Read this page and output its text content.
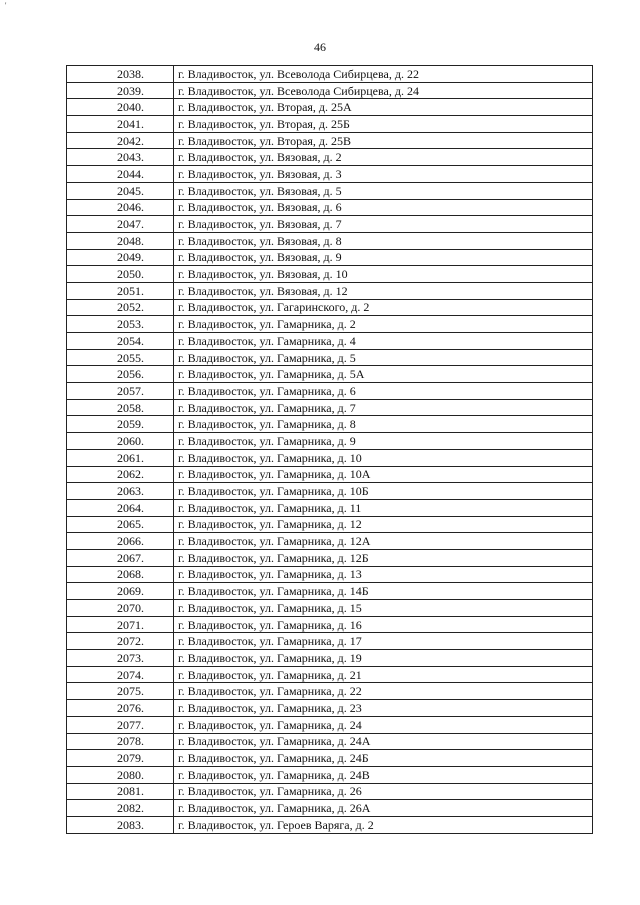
'
46
2038.	г. Владивосток, ул. Всеволода Сибирцева, д. 22
2039.	г. Владивосток, ул. Всеволода Сибирцева, д. 24
2040.	г. Владивосток, ул. Вторая, д. 25А
2041.	г. Владивосток, ул. Вторая, д. 25Б
2042.	г. Владивосток, ул. Вторая, д. 25В
2043.	г. Владивосток, ул. Вязовая, д. 2
2044.	г. Владивосток, ул. Вязовая, д. 3
2045.	г. Владивосток, ул. Вязовая, д. 5
2046.	г. Владивосток, ул. Вязовая, д. 6
2047.	г. Владивосток, ул. Вязовая, д. 7
2048.	г. Владивосток, ул. Вязовая, д. 8
2049.	г. Владивосток, ул. Вязовая, д. 9
2050.	г. Владивосток, ул. Вязовая, д. 10
2051.	г. Владивосток, ул. Вязовая, д. 12
2052.	г. Владивосток, ул. Гагаринского, д. 2
2053.	г. Владивосток, ул. Гамарника, д. 2
2054.	г. Владивосток, ул. Гамарника, д. 4
2055.	г. Владивосток, ул. Гамарника, д. 5
2056.	г. Владивосток, ул. Гамарника, д. 5А
2057.	г. Владивосток, ул. Гамарника, д. 6
2058.	г. Владивосток, ул. Гамарника, д. 7
2059.	г. Владивосток, ул. Гамарника, д. 8
2060.	г. Владивосток, ул. Гамарника, д. 9
2061.	г. Владивосток, ул. Гамарника, д. 10
2062.	г. Владивосток, ул. Гамарника, д. 10А
2063.	г. Владивосток, ул. Гамарника, д. 10Б
2064.	г. Владивосток, ул. Гамарника, д. 11
2065.	г. Владивосток, ул. Гамарника, д. 12
2066.	г. Владивосток, ул. Гамарника, д. 12А
2067.	г. Владивосток, ул. Гамарника, д. 12Б
2068.	г. Владивосток, ул. Гамарника, д. 13
2069.	г. Владивосток, ул. Гамарника, д. 14Б
2070.	г. Владивосток, ул. Гамарника, д. 15
2071.	г. Владивосток, ул. Гамарника, д. 16
2072.	г. Владивосток, ул. Гамарника, д. 17
2073.	г. Владивосток, ул. Гамарника, д. 19
2074.	г. Владивосток, ул. Гамарника, д. 21
2075.	г. Владивосток, ул. Гамарника, д. 22
2076.	г. Владивосток, ул. Гамарника, д. 23
2077.	г. Владивосток, ул. Гамарника, д. 24
2078.	г. Владивосток, ул. Гамарника, д. 24А
2079.	г. Владивосток, ул. Гамарника, д. 24Б
2080.	г. Владивосток, ул. Гамарника, д. 24В
2081.	г. Владивосток, ул. Гамарника, д. 26
2082.	г. Владивосток, ул. Гамарника, д. 26А
2083.	г. Владивосток, ул. Героев Варяга, д. 2
